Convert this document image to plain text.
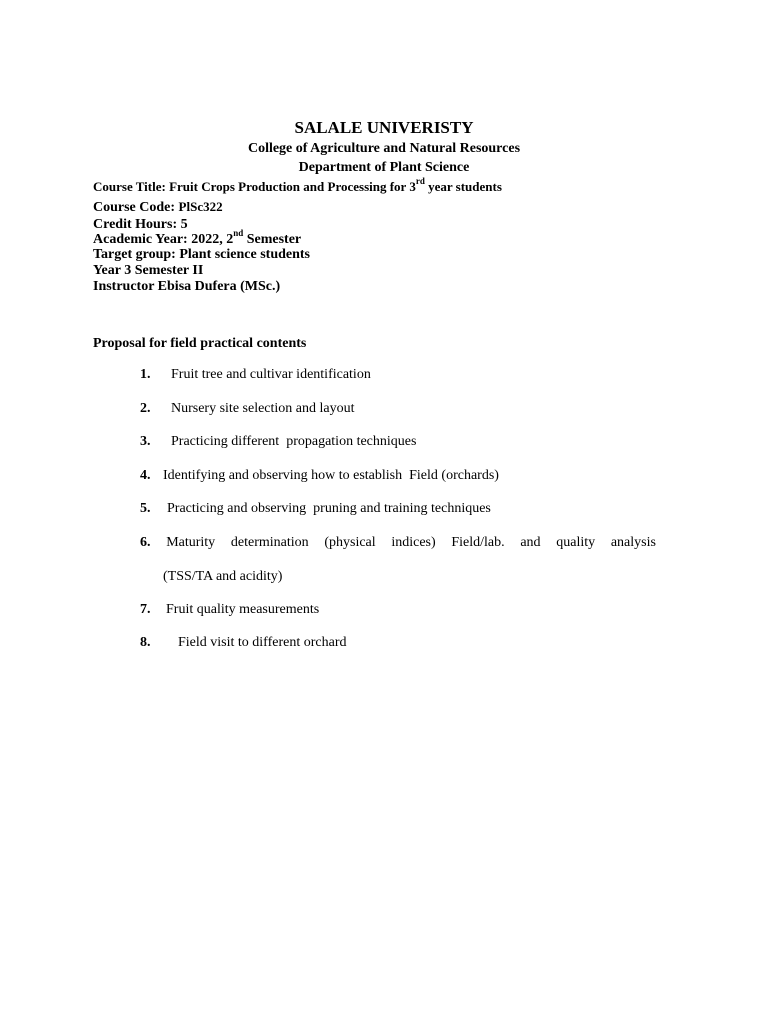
SALALE UNIVERISTY
College of Agriculture and Natural Resources
Department of Plant Science
Course Title: Fruit Crops Production and Processing for 3rd year students
Course Code: PlSc322
Credit Hours: 5
Academic Year: 2022, 2nd Semester
Target group: Plant science students
Year 3 Semester II
Instructor Ebisa Dufera (MSc.)
Proposal for field practical contents
1. Fruit tree and cultivar identification
2. Nursery site selection and layout
3. Practicing different  propagation techniques
4. Identifying and observing how to establish  Field (orchards)
5. Practicing and observing  pruning and training techniques
6. Maturity determination (physical indices) Field/lab. and quality analysis
(TSS/TA and acidity)
7. Fruit quality measurements
8. Field visit to different orchard
